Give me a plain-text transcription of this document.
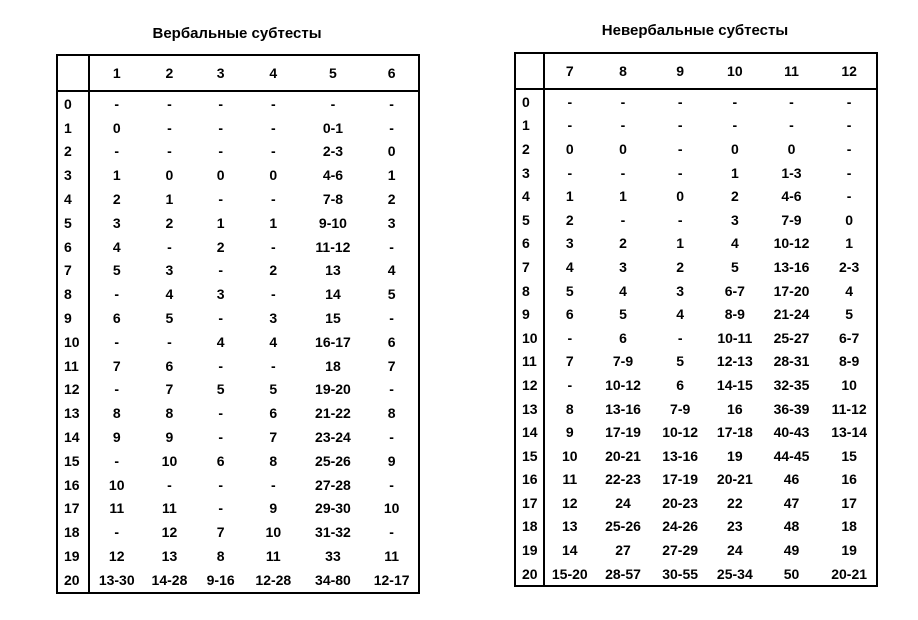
Вербальные субтесты
	1	2	3	4	5	6
0	-	-	-	-	-	-
1	0	-	-	-	0-1	-
2	-	-	-	-	2-3	0
3	1	0	0	0	4-6	1
4	2	1	-	-	7-8	2
5	3	2	1	1	9-10	3
6	4	-	2	-	11-12	-
7	5	3	-	2	13	4
8	-	4	3	-	14	5
9	6	5	-	3	15	-
10	-	-	4	4	16-17	6
11	7	6	-	-	18	7
12	-	7	5	5	19-20	-
13	8	8	-	6	21-22	8
14	9	9	-	7	23-24	-
15	-	10	6	8	25-26	9
16	10	-	-	-	27-28	-
17	11	11	-	9	29-30	10
18	-	12	7	10	31-32	-
19	12	13	8	11	33	11
20	13-30	14-28	9-16	12-28	34-80	12-17
Невербальные субтесты
	7	8	9	10	11	12
0	-	-	-	-	-	-
1	-	-	-	-	-	-
2	0	0	-	0	0	-
3	-	-	-	1	1-3	-
4	1	1	0	2	4-6	-
5	2	-	-	3	7-9	0
6	3	2	1	4	10-12	1
7	4	3	2	5	13-16	2-3
8	5	4	3	6-7	17-20	4
9	6	5	4	8-9	21-24	5
10	-	6	-	10-11	25-27	6-7
11	7	7-9	5	12-13	28-31	8-9
12	-	10-12	6	14-15	32-35	10
13	8	13-16	7-9	16	36-39	11-12
14	9	17-19	10-12	17-18	40-43	13-14
15	10	20-21	13-16	19	44-45	15
16	11	22-23	17-19	20-21	46	16
17	12	24	20-23	22	47	17
18	13	25-26	24-26	23	48	18
19	14	27	27-29	24	49	19
20	15-20	28-57	30-55	25-34	50	20-21
